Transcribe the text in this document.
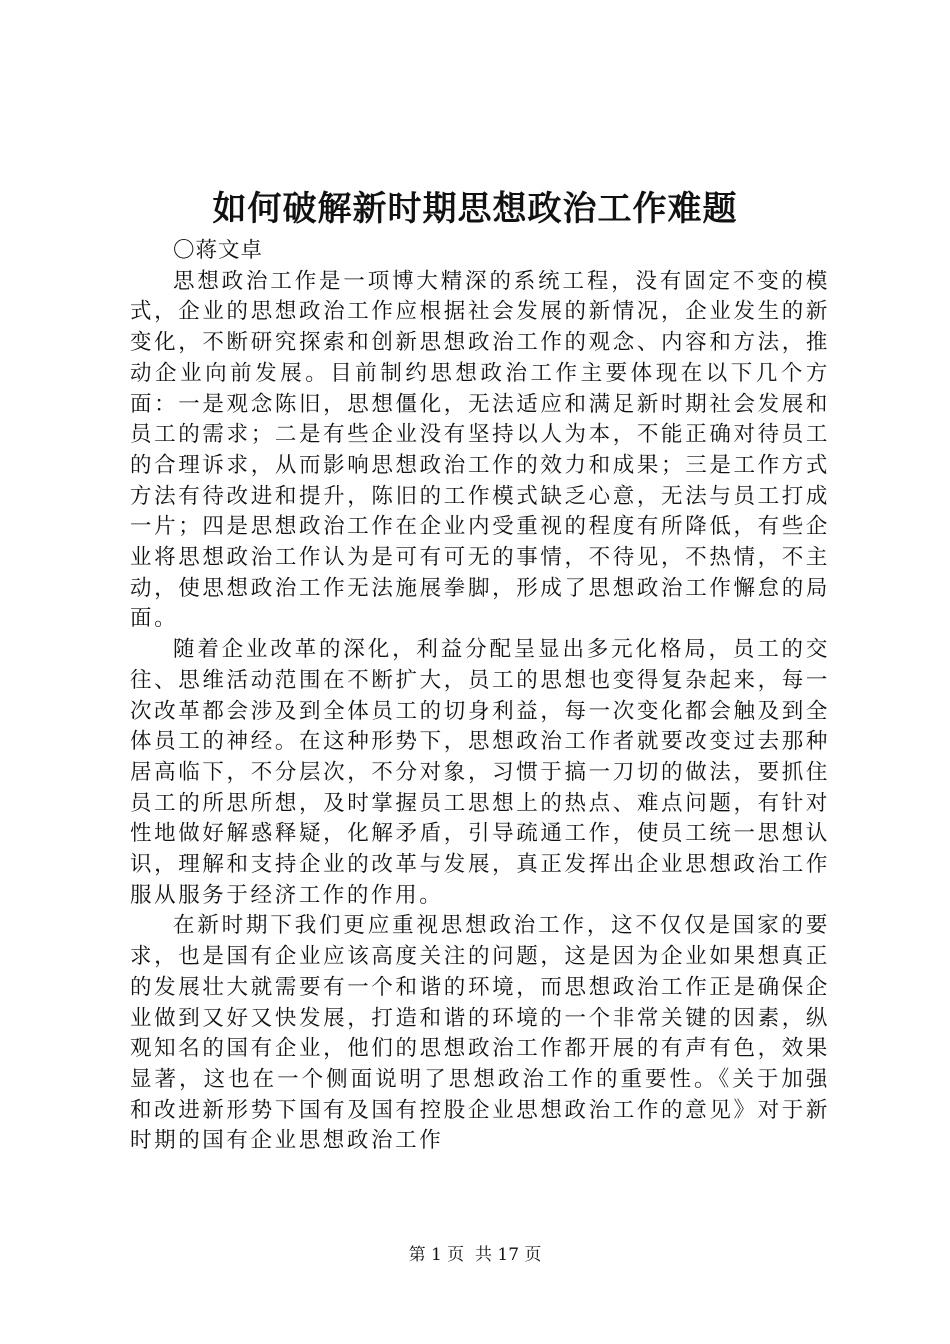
如何破解新时期思想政治工作难题

〇蒋文卓

思想政治工作是一项博大精深的系统工程，没有固定不变的模式，企业的思想政治工作应根据社会发展的新情况，企业发生的新变化，不断研究探索和创新思想政治工作的观念、内容和方法，推动企业向前发展。目前制约思想政治工作主要体现在以下几个方面：一是观念陈旧，思想僵化，无法适应和满足新时期社会发展和员工的需求；二是有些企业没有坚持以人为本，不能正确对待员工的合理诉求，从而影响思想政治工作的效力和成果；三是工作方式方法有待改进和提升，陈旧的工作模式缺乏心意，无法与员工打成一片；四是思想政治工作在企业内受重视的程度有所降低，有些企业将思想政治工作认为是可有可无的事情，不待见，不热情，不主动，使思想政治工作无法施展拳脚，形成了思想政治工作懈怠的局面。

随着企业改革的深化，利益分配呈显出多元化格局，员工的交往、思维活动范围在不断扩大，员工的思想也变得复杂起来，每一次改革都会涉及到全体员工的切身利益，每一次变化都会触及到全体员工的神经。在这种形势下，思想政治工作者就要改变过去那种居高临下，不分层次，不分对象，习惯于搞一刀切的做法，要抓住员工的所思所想，及时掌握员工思想上的热点、难点问题，有针对性地做好解惑释疑，化解矛盾，引导疏通工作，使员工统一思想认识，理解和支持企业的改革与发展，真正发挥出企业思想政治工作服从服务于经济工作的作用。

在新时期下我们更应重视思想政治工作，这不仅仅是国家的要求，也是国有企业应该高度关注的问题，这是因为企业如果想真正的发展壮大就需要有一个和谐的环境，而思想政治工作正是确保企业做到又好又快发展，打造和谐的环境的一个非常关键的因素，纵观知名的国有企业，他们的思想政治工作都开展的有声有色，效果显著，这也在一个侧面说明了思想政治工作的重要性。《关于加强和改进新形势下国有及国有控股企业思想政治工作的意见》对于新时期的国有企业思想政治工作

第 1 页  共 17 页
